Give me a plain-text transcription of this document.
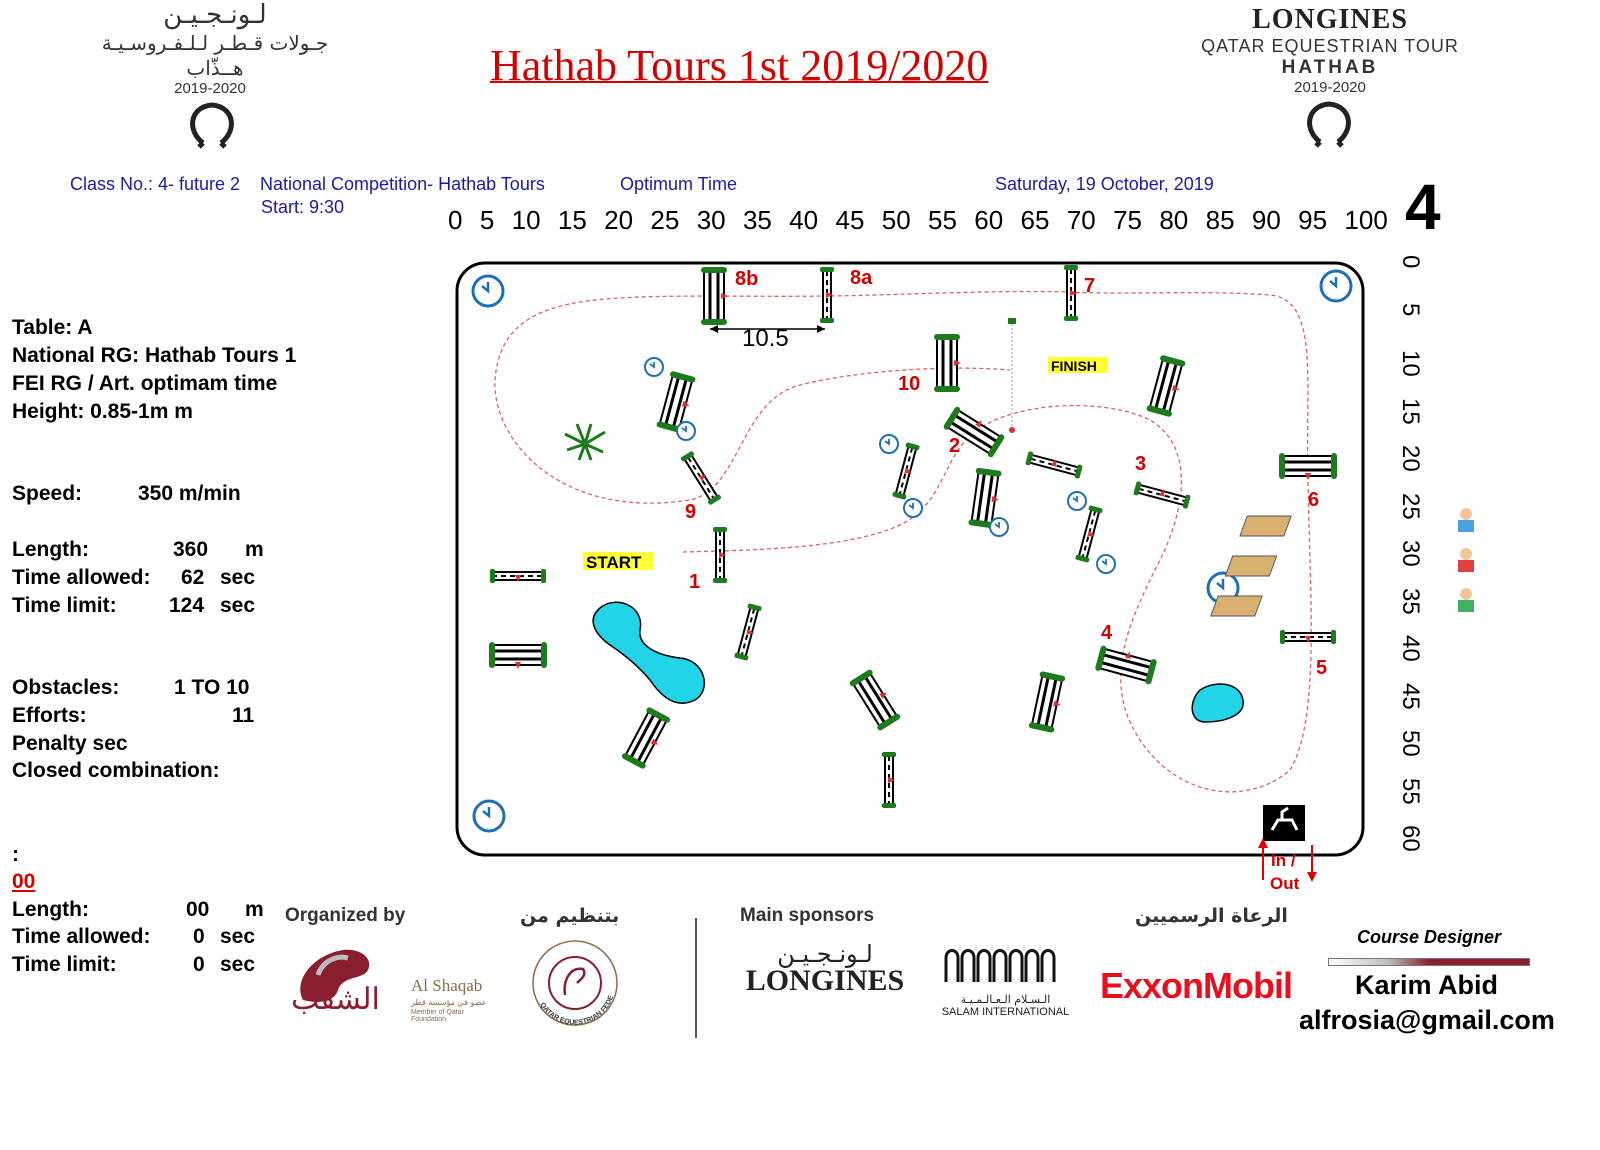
لـونـجـيـن
جـولات قـطـر لـلـفـروسـيـة
هــذّاب
2019-2020	Hathab Tours 1st 2019/2020
LONGINES
QATAR EQUESTRIAN TOUR
HATHAB
2019-2020
Class No.: 4- future 2 National Competition- Hathab Tours
Start: 9:30
Optimum Time	Saturday, 19 October, 2019	4
0 5 10 15 20 25 30 35 40 45 50 55 60 65 70 75 80 85 90 95 100
0
5
10
15
20
25
30
35
40
45
50
55
60
Table: A
National RG: Hathab Tours 1
FEI RG / Art. optimam time
Height: 0.85-1m m
Speed:	350 m/min
Length:	360 m
Time allowed: 62 sec
Time limit: 124 sec
Obstacles:	1 TO 10
Efforts:	11
Penalty sec
Closed combination:
:
00
Length:	00 m
Time allowed: 0 sec
Time limit:	0 sec
10.5
START
FINISH
1
2
3
4
5
6
7
8a
8b
9
10
In /
Out
Organized by	بتنظيم من
الشقب Al Shaqab
عضو في مؤسسة قطر
Member of Qatar Foundation
QATAR EQUESTRIAN FEDE
Main sponsors	الرعاة الرسميين
لـونـجـيـن
LONGINES
الـسـلام الـعـالـمـيـة
SALAM INTERNATIONAL
ExxonMobil
Course Designer
Karim Abid
alfrosia@gmail.com
